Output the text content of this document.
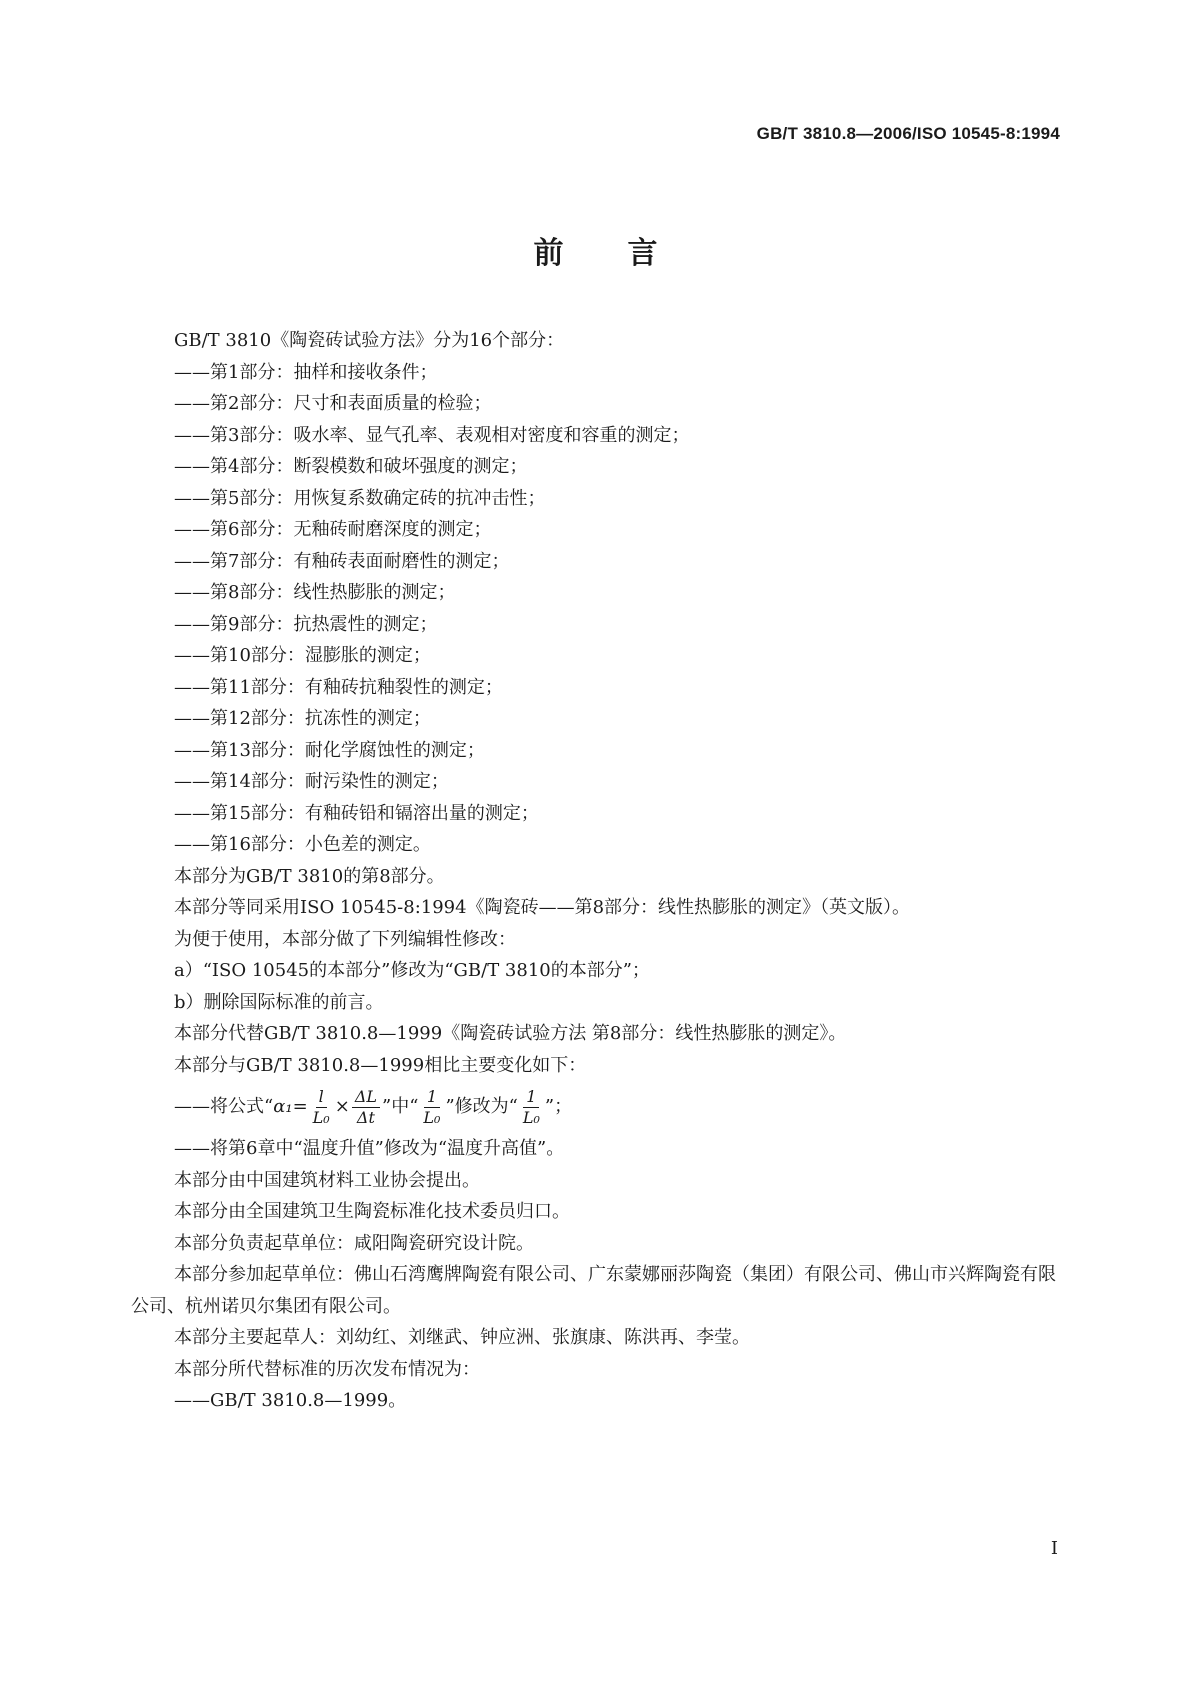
GB/T 3810.8—2006/ISO 10545-8:1994
前 言

GB/T 3810《陶瓷砖试验方法》分为16个部分：

——第1部分：抽样和接收条件；

——第2部分：尺寸和表面质量的检验；

——第3部分：吸水率、显气孔率、表观相对密度和容重的测定；

——第4部分：断裂模数和破坏强度的测定；

——第5部分：用恢复系数确定砖的抗冲击性；

——第6部分：无釉砖耐磨深度的测定；

——第7部分：有釉砖表面耐磨性的测定；

——第8部分：线性热膨胀的测定；

——第9部分：抗热震性的测定；

——第10部分：湿膨胀的测定；

——第11部分：有釉砖抗釉裂性的测定；

——第12部分：抗冻性的测定；

——第13部分：耐化学腐蚀性的测定；

——第14部分：耐污染性的测定；

——第15部分：有釉砖铅和镉溶出量的测定；

——第16部分：小色差的测定。

本部分为GB/T 3810的第8部分。

本部分等同采用ISO 10545-8:1994《陶瓷砖——第8部分：线性热膨胀的测定》（英文版）。

为便于使用，本部分做了下列编辑性修改：

a）“ISO 10545的本部分”修改为“GB/T 3810的本部分”；

b）删除国际标准的前言。

本部分代替GB/T 3810.8—1999《陶瓷砖试验方法 第8部分：线性热膨胀的测定》。

本部分与GB/T 3810.8—1999相比主要变化如下：

——将公式“ $\alpha_1 = \frac{l}{\text{L₀}} \times \frac{\Delta L}{\Delta t}$ ”中“ $\frac{1}{\text{L₀}}$ ”修改为“ $\frac{1}{\text{L₀}}$ ”；

——将第6章中“温度升值”修改为“温度升高值”。

本部分由中国建筑材料工业协会提出。

本部分由全国建筑卫生陶瓷标准化技术委员归口。

本部分负责起草单位：咸阳陶瓷研究设计院。

本部分参加起草单位：佛山石湾鹰牌陶瓷有限公司、广东蒙娜丽莎陶瓷（集团）有限公司、佛山市兴辉陶瓷有限公司、杭州诺贝尔集团有限公司。

本部分主要起草人：刘幼红、刘继武、钟应洲、张旗康、陈洪再、李莹。

本部分所代替标准的历次发布情况为：

——GB/T 3810.8—1999。

I
